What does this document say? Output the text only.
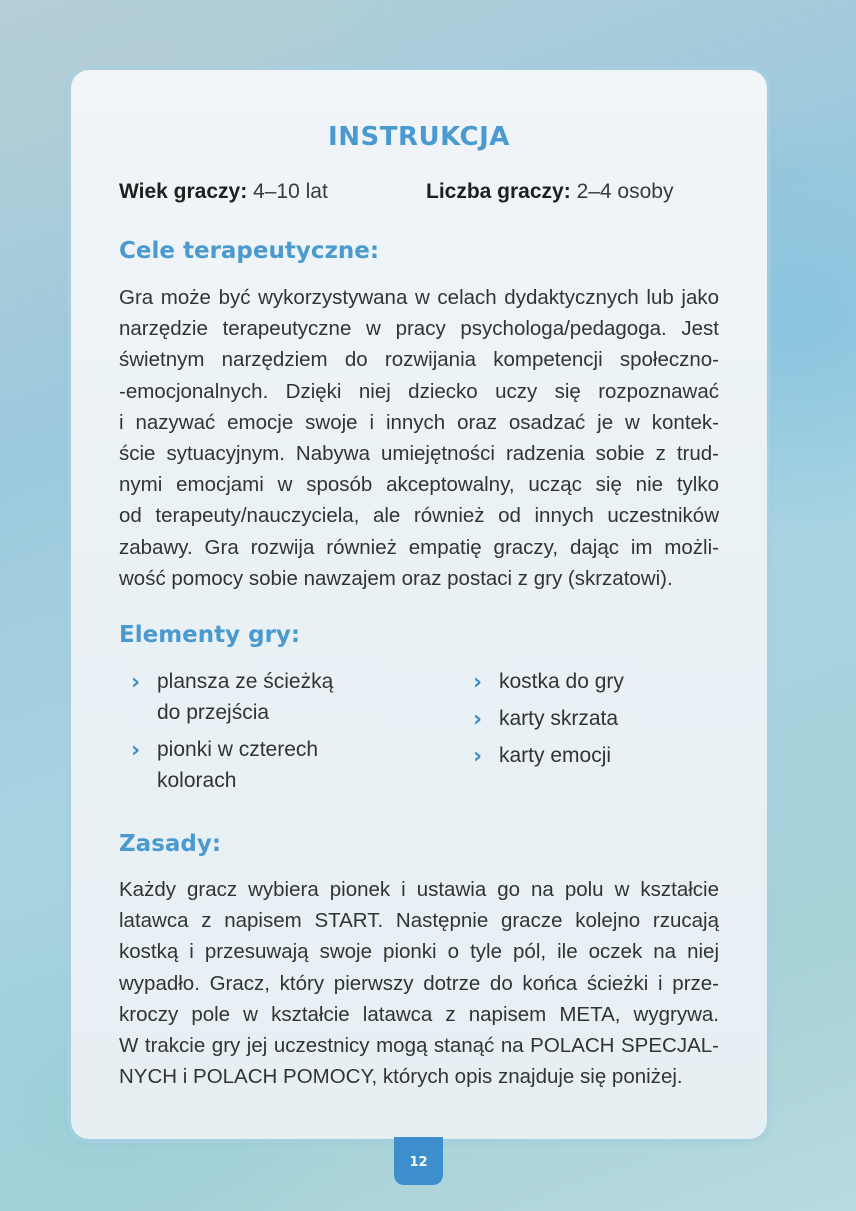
INSTRUKCJA
Wiek graczy: 4–10 lat	Liczba graczy: 2–4 osoby
Cele terapeutyczne:
Gra może być wykorzystywana w celach dydaktycznych lub jako
narzędzie terapeutyczne w pracy psychologa/pedagoga. Jest
świetnym narzędziem do rozwijania kompetencji społeczno-
-emocjonalnych. Dzięki niej dziecko uczy się rozpoznawać
i nazywać emocje swoje i innych oraz osadzać je w kontek-
ście sytuacyjnym. Nabywa umiejętności radzenia sobie z trud-
nymi emocjami w sposób akceptowalny, ucząc się nie tylko
od terapeuty/nauczyciela, ale również od innych uczestników
zabawy. Gra rozwija również empatię graczy, dając im możli-
wość pomocy sobie nawzajem oraz postaci z gry (skrzatowi).
Elementy gry:
› plansza ze ścieżką
do przejścia
› pionki w czterech
kolorach
› kostka do gry
› karty skrzata
› karty emocji
Zasady:
Każdy gracz wybiera pionek i ustawia go na polu w kształcie
latawca z napisem START. Następnie gracze kolejno rzucają
kostką i przesuwają swoje pionki o tyle pól, ile oczek na niej
wypadło. Gracz, który pierwszy dotrze do końca ścieżki i prze-
kroczy pole w kształcie latawca z napisem META, wygrywa.
W trakcie gry jej uczestnicy mogą stanąć na POLACH SPECJAL-
NYCH i POLACH POMOCY, których opis znajduje się poniżej.
12
